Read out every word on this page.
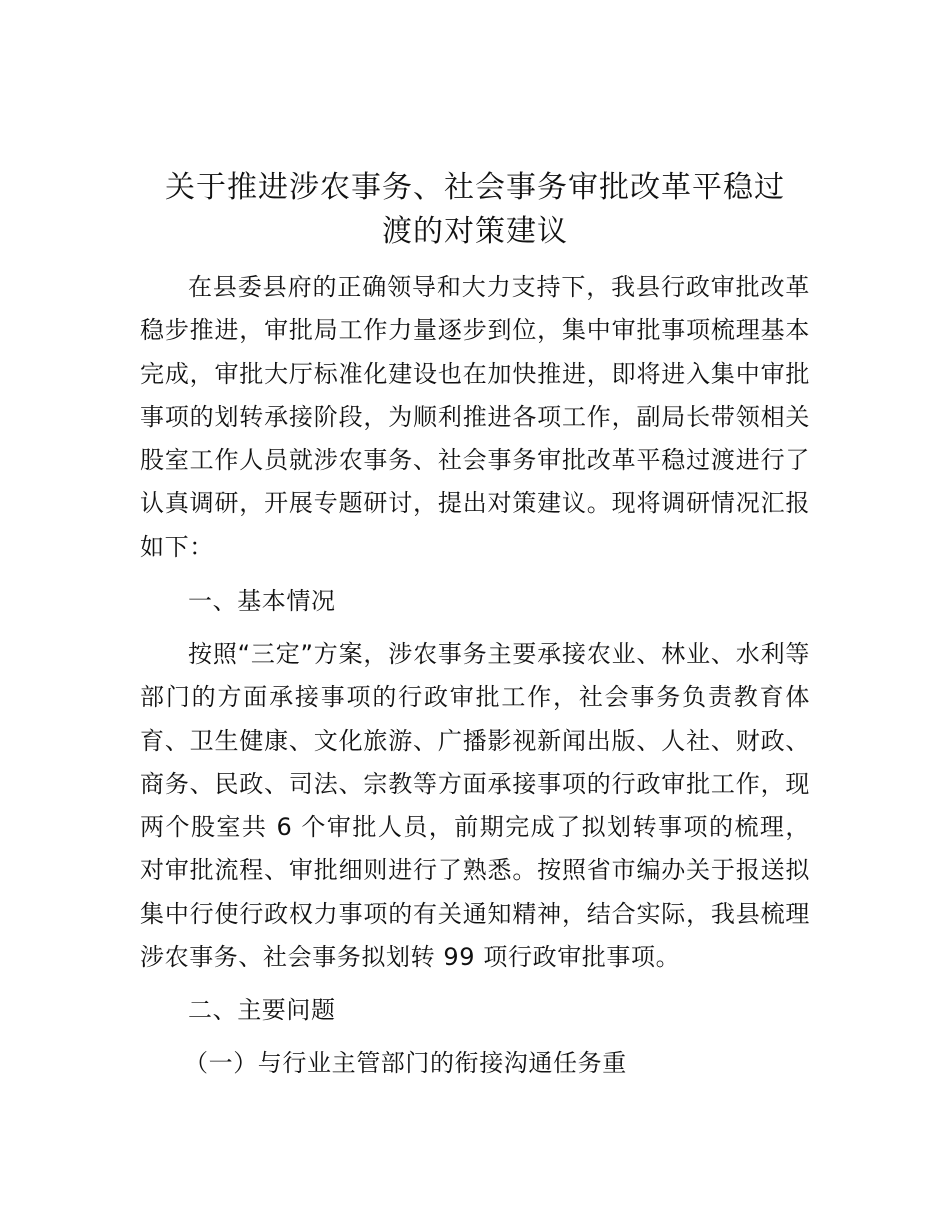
关于推进涉农事务、社会事务审批改革平稳过
渡的对策建议

在县委县府的正确领导和大力支持下，我县行政审批改革稳步推进，审批局工作力量逐步到位，集中审批事项梳理基本完成，审批大厅标准化建设也在加快推进，即将进入集中审批事项的划转承接阶段，为顺利推进各项工作，副局长带领相关股室工作人员就涉农事务、社会事务审批改革平稳过渡进行了认真调研，开展专题研讨，提出对策建议。现将调研情况汇报如下：

一、基本情况

按照“三定”方案，涉农事务主要承接农业、林业、水利等部门的方面承接事项的行政审批工作，社会事务负责教育体育、卫生健康、文化旅游、广播影视新闻出版、人社、财政、商务、民政、司法、宗教等方面承接事项的行政审批工作，现两个股室共 6 个审批人员，前期完成了拟划转事项的梳理，对审批流程、审批细则进行了熟悉。按照省市编办关于报送拟集中行使行政权力事项的有关通知精神，结合实际，我县梳理涉农事务、社会事务拟划转 99 项行政审批事项。

二、主要问题

（一）与行业主管部门的衔接沟通任务重
